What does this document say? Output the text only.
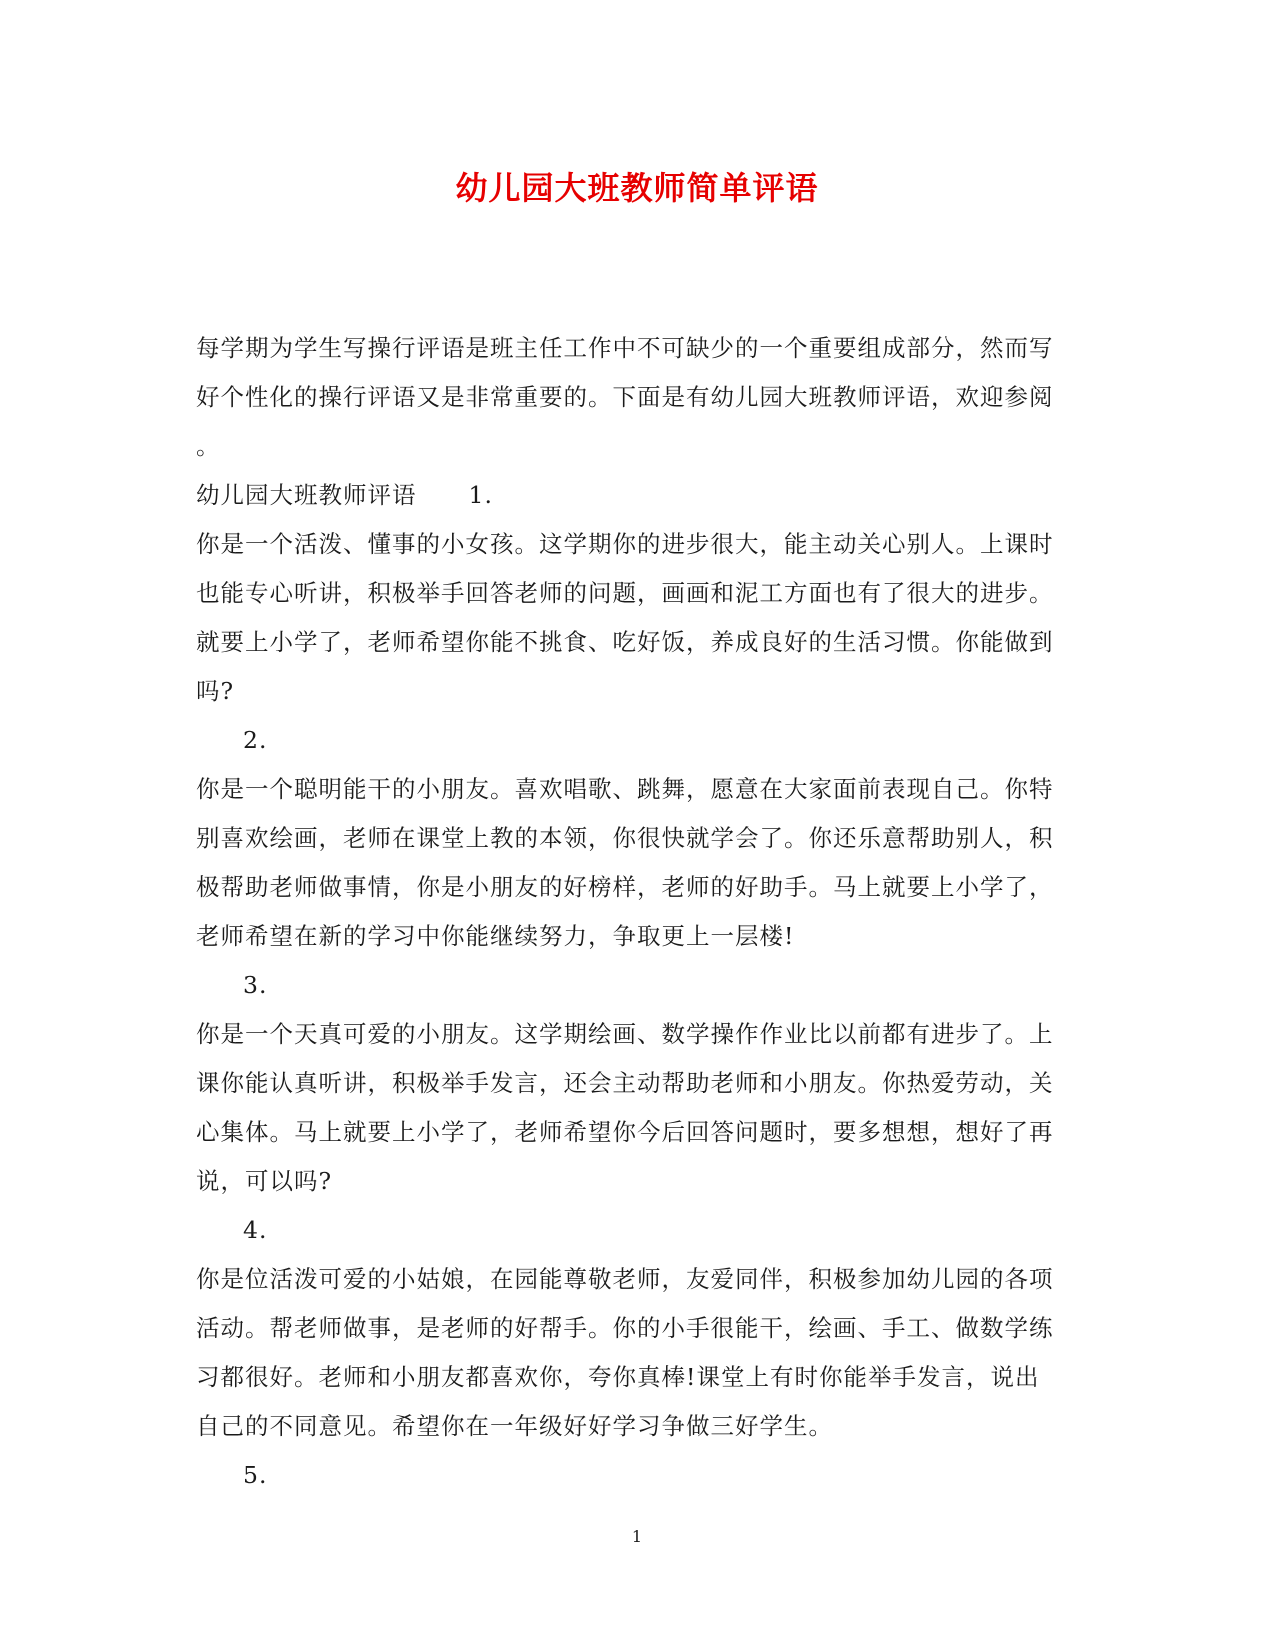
幼儿园大班教师简单评语
每学期为学生写操行评语是班主任工作中不可缺少的一个重要组成部分，然而写
好个性化的操行评语又是非常重要的。下面是有幼儿园大班教师评语，欢迎参阅
。
幼儿园大班教师评语 1.
你是一个活泼、懂事的小女孩。这学期你的进步很大，能主动关心别人。上课时
也能专心听讲，积极举手回答老师的问题，画画和泥工方面也有了很大的进步。
就要上小学了，老师希望你能不挑食、吃好饭，养成良好的生活习惯。你能做到
吗?
2.
你是一个聪明能干的小朋友。喜欢唱歌、跳舞，愿意在大家面前表现自己。你特
别喜欢绘画，老师在课堂上教的本领，你很快就学会了。你还乐意帮助别人，积
极帮助老师做事情，你是小朋友的好榜样，老师的好助手。马上就要上小学了，
老师希望在新的学习中你能继续努力，争取更上一层楼!
3.
你是一个天真可爱的小朋友。这学期绘画、数学操作作业比以前都有进步了。上
课你能认真听讲，积极举手发言，还会主动帮助老师和小朋友。你热爱劳动，关
心集体。马上就要上小学了，老师希望你今后回答问题时，要多想想，想好了再
说，可以吗?
4.
你是位活泼可爱的小姑娘，在园能尊敬老师，友爱同伴，积极参加幼儿园的各项
活动。帮老师做事，是老师的好帮手。你的小手很能干，绘画、手工、做数学练
习都很好。老师和小朋友都喜欢你，夸你真棒!课堂上有时你能举手发言，说出
自己的不同意见。希望你在一年级好好学习争做三好学生。
5.
1
